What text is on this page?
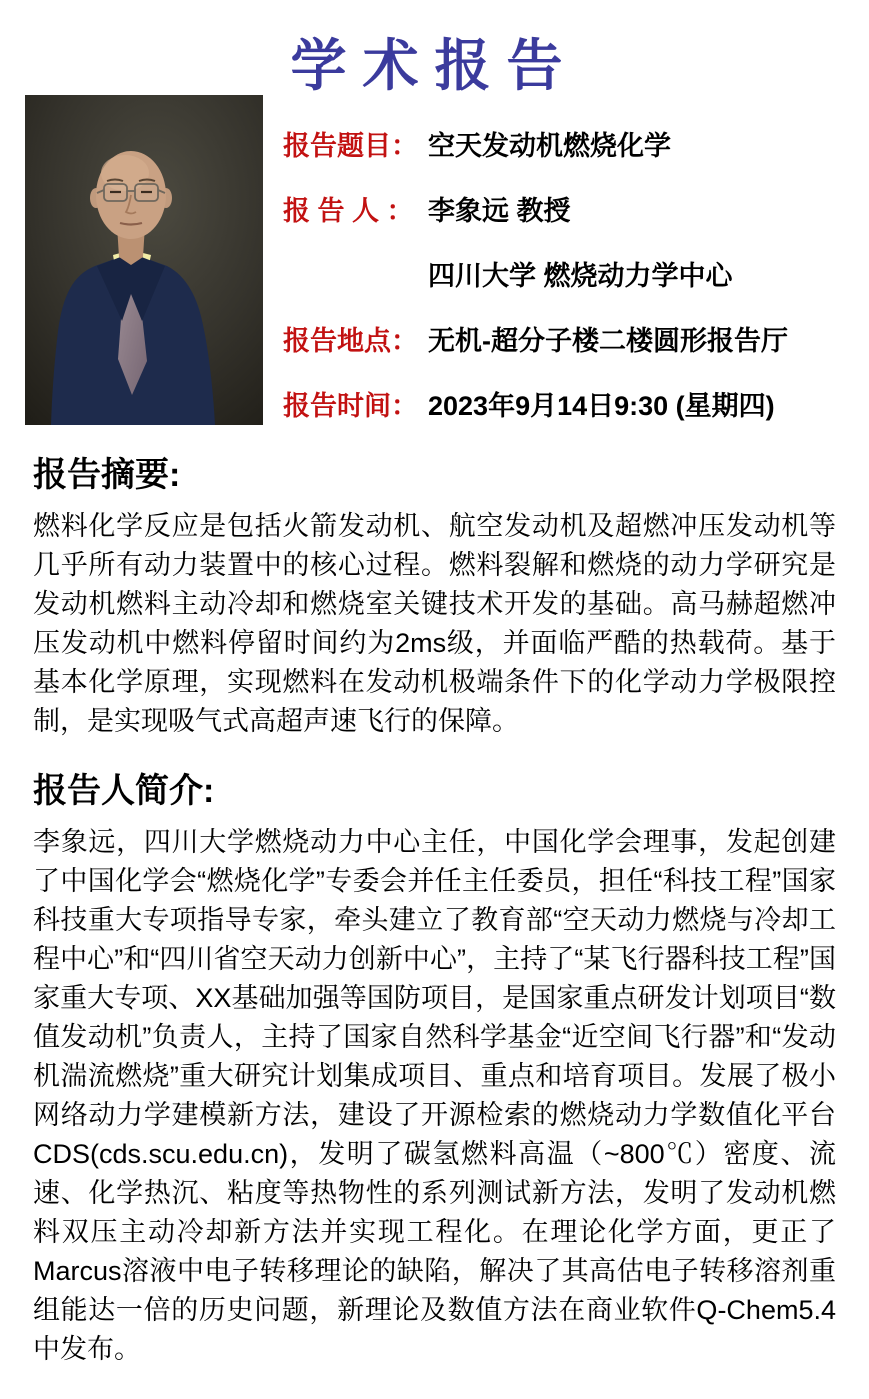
学术报告
报告题目： 空天发动机燃烧化学
报 告 人 ： 李象远 教授
四川大学 燃烧动力学中心
报告地点： 无机-超分子楼二楼圆形报告厅
报告时间： 2023年9月14日9:30 (星期四)
报告摘要:

燃料化学反应是包括火箭发动机、航空发动机及超燃冲压发动机等几乎所有动力装置中的核心过程。燃料裂解和燃烧的动力学研究是发动机燃料主动冷却和燃烧室关键技术开发的基础。高马赫超燃冲压发动机中燃料停留时间约为2ms级，并面临严酷的热载荷。基于基本化学原理，实现燃料在发动机极端条件下的化学动力学极限控制，是实现吸气式高超声速飞行的保障。

报告人简介:

李象远，四川大学燃烧动力中心主任，中国化学会理事，发起创建了中国化学会“燃烧化学”专委会并任主任委员，担任“科技工程”国家科技重大专项指导专家，牵头建立了教育部“空天动力燃烧与冷却工程中心”和“四川省空天动力创新中心”，主持了“某飞行器科技工程”国家重大专项、XX基础加强等国防项目，是国家重点研发计划项目“数值发动机”负责人，主持了国家自然科学基金“近空间飞行器”和“发动机湍流燃烧”重大研究计划集成项目、重点和培育项目。发展了极小网络动力学建模新方法，建设了开源检索的燃烧动力学数值化平台CDS(cds.scu.edu.cn)，发明了碳氢燃料高温（~800℃）密度、流速、化学热沉、粘度等热物性的系列测试新方法，发明了发动机燃料双压主动冷却新方法并实现工程化。在理论化学方面，更正了Marcus溶液中电子转移理论的缺陷，解决了其高估电子转移溶剂重组能达一倍的历史问题，新理论及数值方法在商业软件Q-Chem5.4中发布。
